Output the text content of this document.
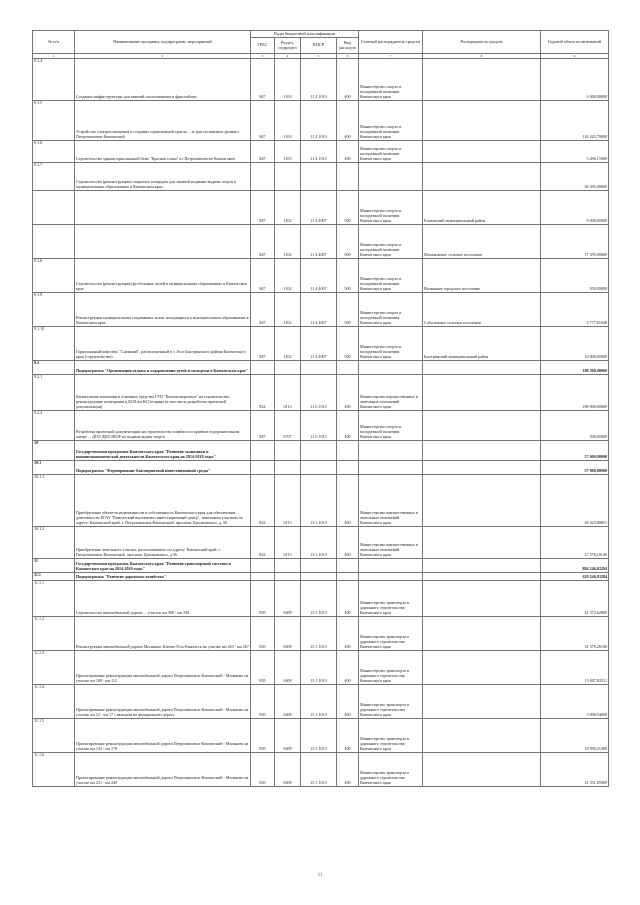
№ п/п	Наименование программ, подпрограмм, мероприятий	Коды бюджетной классификации				Главный распорядитель средств	Распорядитель средств	Годовой объем ассигнований
		ГРБС	Раздел, подраздел	КЦСР	Вид расходов			
1	2	3	4	5	6	7	8	9
9.1.4	Создание инфраструктуры для занятий скалолазанием и фристайлом	847	1103	11 4 1013	400	Министерство спорта и молодежной политики Камчатского края		2 000,00000
9.1.5	Устройство электроосвещения и создание горнолыжной трассы ... и трассы нижнего уровня г. Петропавловск-Камчатский	847	1103	11 4 1013	400	Министерство спорта и молодежной политики Камчатского края		116 223,79000
9.1.6	Строительство здания горнолыжной базы "Красная сопка" в г.Петропавловске-Камчатском	847	1103	11 4 1013	400	Министерство спорта и молодежной политики Камчатского края		3 496,15000
9.1.7	Строительство (реконструкция) открытых площадок для занятий водными видами спорта в муниципальных образованиях в Камчатском крае							26 395,00000
		847	1102	11 4 4007	500	Министерство спорта и молодежной политики Камчатского края	Елизовский муниципальный район	9 000,00000
		847	1102	11 4 4007	500	Министерство спорта и молодежной политики Камчатского края	Мильковское сельское поселение	17 395,00000
9.1.8	Строительство (реконструкция) футбольных полей в муниципальных образованиях в Камчатском крае	847	1102	11 4 4007	500	Министерство спорта и молодежной политики Камчатского края	Вулканное городское поселение	950,00000
9.1.9	Реконструкция муниципальных спортивных залов, находящихся в муниципальных образованиях в Камчатском крае	847	1102	11 4 4007	500	Министерство спорта и молодежной политики Камчатского края	Соболевское сельское поселение	2 777,61048
9.1.10	Горнолыжный комплекс "Снежный", расположенный в с.Эссо Быстринского района Камчатского края (строительство)	847	1102	11 4 4007	500	Министерство спорта и молодежной политики Камчатского края	Быстринский муниципальный район	10 000,00000
9.2	Подпрограмма "Организация отдыха и оздоровления детей и молодежи в Камчатском крае"							188 500,00000
9.2.1	Капитальные вложения в основные средства ГУП "Камчатскоромхоз" на строительство, реконструкцию помещения в ДОЛ им Ю.Гагарина (в том числе разработка проектной документации)	822	0113	11 6 1013	400	Министерство имущественных и земельных отношений Камчатского края		188 000,00000
9.2.2	Разработка проектной документации на строительство плавбасса в краевом оздоровительном лагере ... ДОЛ ДЮСШОР по водным видам спорта	847	0707	11 6 1013	400	Министерство спорта и молодежной политики Камчатского края		500,00000
10	Государственная программа Камчатского края "Развитие экономики и внешнеэкономической деятельности Камчатского края на 2014-2018 годы"							57 000,00000
10.1	Подпрограмма "Формирование благоприятной инвестиционной среды"							57 000,00000
10.1.1	Приобретение объектов недвижимости в собственность Камчатского края для обеспечения деятельности КГАУ "Камчатский выставочно-инвестиционный центр", земельным участком по адресу: Камчатский край, г. Петропавловск-Камчатский, проспект Циолковского, д. 56	822	0113	13 1 1013	400	Министерство имущественных и земельных отношений Камчатского края		29 423,89851
10.1.2	Приобретение земельного участка, расположенного по адресу: Камчатский край, г. Петропавловск-Камчатский, проспект Циолковского, д.56	822	0113	13 1 1013	400	Министерство имущественных и земельных отношений Камчатского края		27 576,10149
11	Государственная программа Камчатского края "Развитие транспортной системы в Камчатском крае на 2014-2020 годы"							894 246,03294
11.1	Подпрограмма "Развитие дорожного хозяйства"							629 246,03294
11.1.1	Строительство автомобильной дороги ... участок км 308 - км 330	835	0409	15 1 1013	400	Министерство транспорта и дорожного строительства Камчатского края		41 572,62800
11.1.2	Реконструкция автомобильной дороги Мильково-Ключи-Усть-Камчатск на участке км 263 - км 267	835	0409	15 1 1013	400	Министерство транспорта и дорожного строительства Камчатского края		31 579,26100
11.1.3	Проектирование реконструкции автомобильной дороги Петропавловск-Камчатский - Мильково на участке км 108 - км 112	835	0409	15 1 1013	400	Министерство транспорта и дорожного строительства Камчатского края		13 007,82511
11.1.4	Проектирование реконструкции автомобильной дороги Петропавловск-Камчатский - Мильково на участке км 12 - км 17 с выходом на федеральную дорогу	835	0409	15 1 1013	400	Министерство транспорта и дорожного строительства Камчатского края		3 090,54000
11.1.5	Проектирование реконструкции автомобильной дороги Петропавловск-Камчатский - Мильково на участке км 132 - км 170	835	0409	15 1 1013	400	Министерство транспорта и дорожного строительства Камчатского края		18 990,21490
11.1.6	Проектирование реконструкции автомобильной дороги Петропавловск-Камчатский - Мильково на участке км 231 - км 249	835	0409	15 1 1013	400	Министерство транспорта и дорожного строительства Камчатского края		21 531,85908
11
